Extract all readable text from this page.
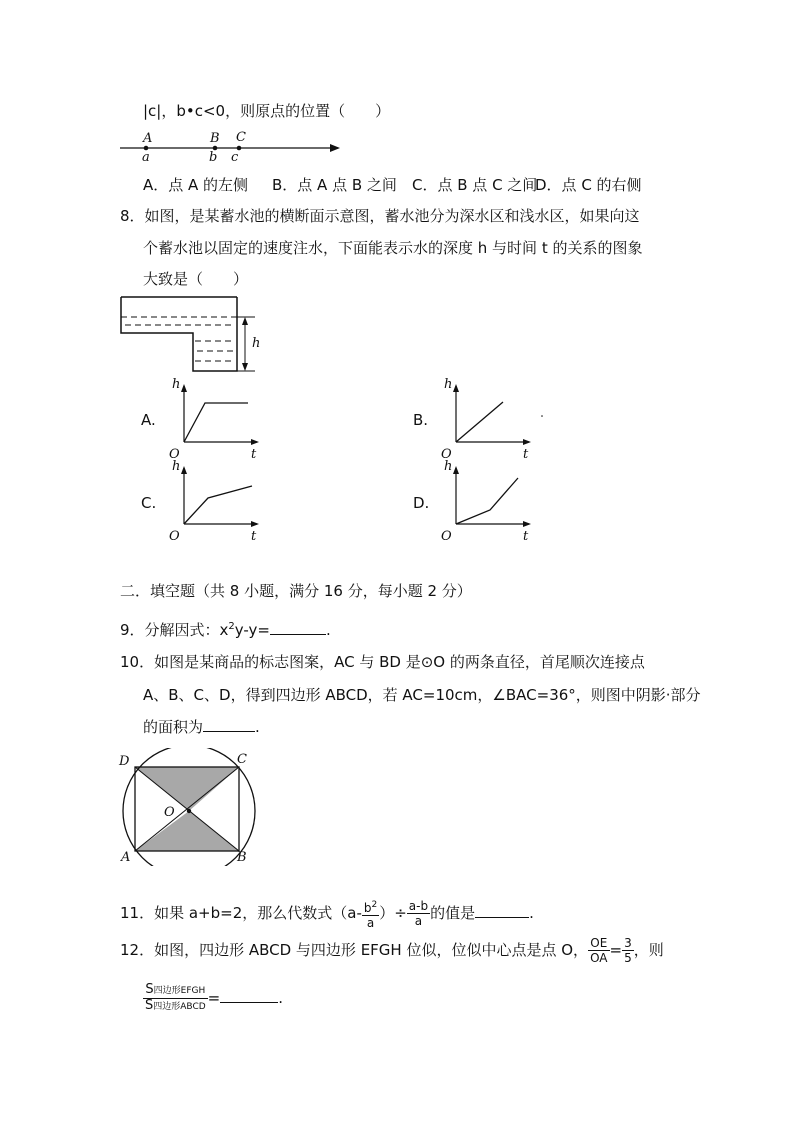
|c|，b•c<0，则原点的位置（　　）
A	B C
a	b c
A．点 A 的左侧 B．点 A 点 B 之间 C．点 B 点 C 之间
D．点 C 的右侧
8．如图，是某蓄水池的横断面示意图，蓄水池分为深水区和浅水区，如果向这
个蓄水池以固定的速度注水，下面能表示水的深度 h 与时间 t 的关系的图象
大致是（　　）
h
A.	B.
C.	D.
h
O	t
h
O	t
h
O	t
h
O	t
二．填空题（共 8 小题，满分 16 分，每小题 2 分）
9．分解因式：$x^2y-y=$	.
10．如图是某商品的标志图案，AC 与 BD 是⊙O 的两条直径，首尾顺次连接点
A、B、C、D，得到四边形 ABCD，若 AC=10cm，∠BAC=36°，则图中阴影·部分
的面积为	.
D	C
O
A	B
11．如果 a+b=2，那么代数式（$a- \frac{b^2}{a}$ ）÷ $\frac{a-b}{a}$ 的值是	.
12．如图，四边形 ABCD 与四边形 EFGH 位似，位似中心点是点 O， $\frac{OE}{OA} = \frac{3}{5}$ ，则
$\frac{\text{S四边形EFGH}}{\text{S四边形ABCD}}$ =	.
